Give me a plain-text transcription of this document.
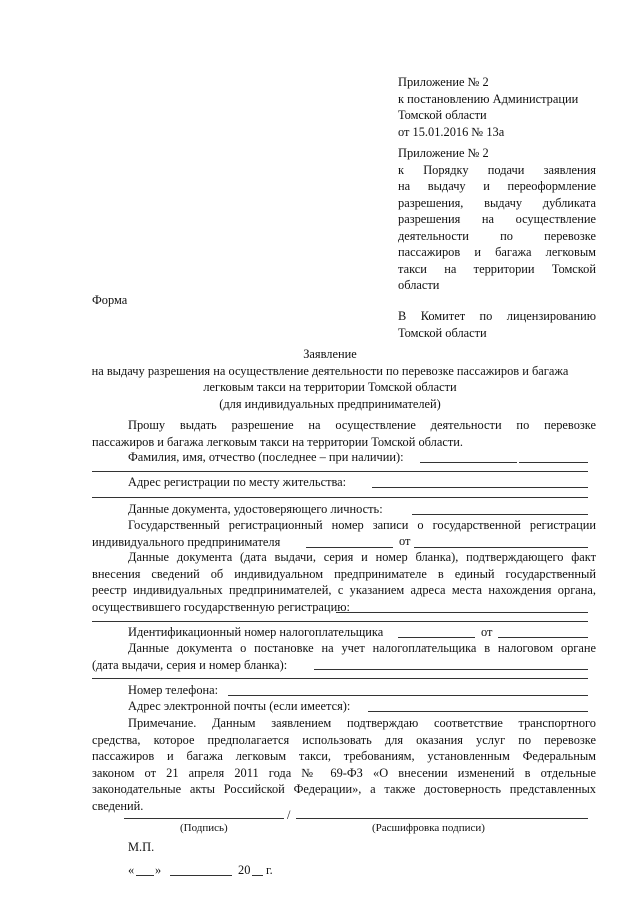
Приложение № 2
к постановлению Администрации
Томской области
от 15.01.2016 № 13а
Приложение № 2
к Порядку подачи заявления
на выдачу и переоформление
разрешения, выдачу дубликата
разрешения на осуществление
деятельности по перевозке
пассажиров и багажа легковым
такси на территории Томской
области
Форма
В Комитет по лицензированию
Томской области
Заявление
на выдачу разрешения на осуществление деятельности по перевозке пассажиров и багажа
легковым такси на территории Томской области
(для индивидуальных предпринимателей)
Прошу выдать разрешение на осуществление деятельности по перевозке
пассажиров и багажа легковым такси на территории Томской области.
Фамилия, имя, отчество (последнее – при наличии):
Адрес регистрации по месту жительства:
Данные документа, удостоверяющего личность:
Государственный регистрационный номер записи о государственной регистрации
индивидуального предпринимателя	от
Данные документа (дата выдачи, серия и номер бланка), подтверждающего факт
внесения сведений об индивидуальном предпринимателе в единый государственный
реестр индивидуальных предпринимателей, с указанием адреса места нахождения органа,
осуществившего государственную регистрацию:
Идентификационный номер налогоплательщика	от
Данные документа о постановке на учет налогоплательщика в налоговом органе
(дата выдачи, серия и номер бланка):
Номер телефона:
Адрес электронной почты (если имеется):
Примечание. Данным заявлением подтверждаю соответствие транспортного
средства, которое предполагается использовать для оказания услуг по перевозке
пассажиров и багажа легковым такси, требованиям, установленным Федеральным
законом от 21 апреля 2011 года № 69-ФЗ «О внесении изменений в отдельные
законодательные акты Российской Федерации», а также достоверность представленных
сведений.
/
(Подпись)	(Расшифровка подписи)
М.П.
« »	20 г.
